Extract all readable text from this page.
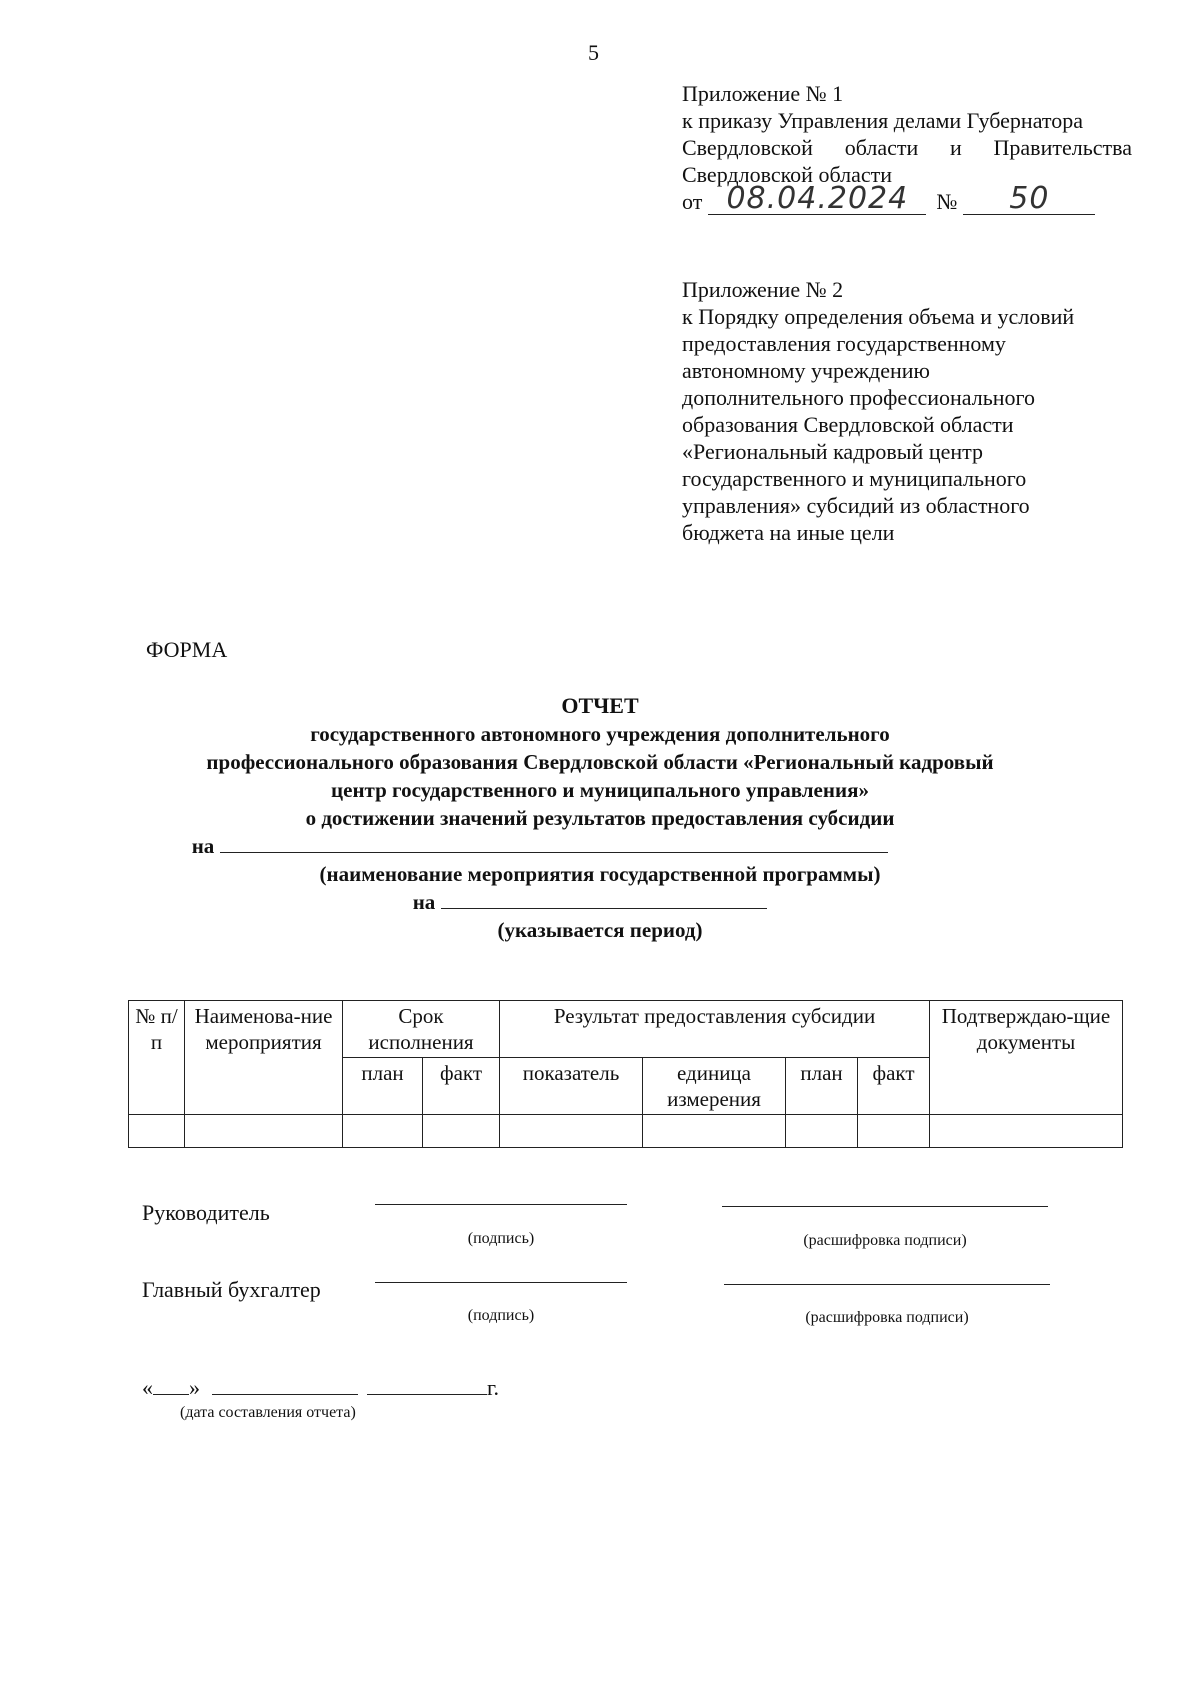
5
Приложение № 1
к приказу Управления делами Губернатора
Свердловской области и Правительства
Свердловской области
от 08.04.2024	№	50
Приложение № 2
к Порядку определения объема и условий
предоставления государственному
автономному учреждению
дополнительного профессионального
образования Свердловской области
«Региональный кадровый центр
государственного и муниципального
управления» субсидий из областного
бюджета на иные цели
ФОРМА
ОТЧЕТ
государственного автономного учреждения дополнительного
профессионального образования Свердловской области «Региональный кадровый
центр государственного и муниципального управления»
о достижении значений результатов предоставления субсидии
на
(наименование мероприятия государственной программы)
на
(указывается период)
№ п/п	Наименова-ние мероприятия	Срок исполнения		Результат предоставления субсидии				Подтверждаю-щие документы
		план	факт	показатель	единица измерения	план	факт	

Руководитель
(подпись)	(расшифровка подписи)
Главный бухгалтер
(подпись)	(расшифровка подписи)
« »	г.
(дата составления отчета)
